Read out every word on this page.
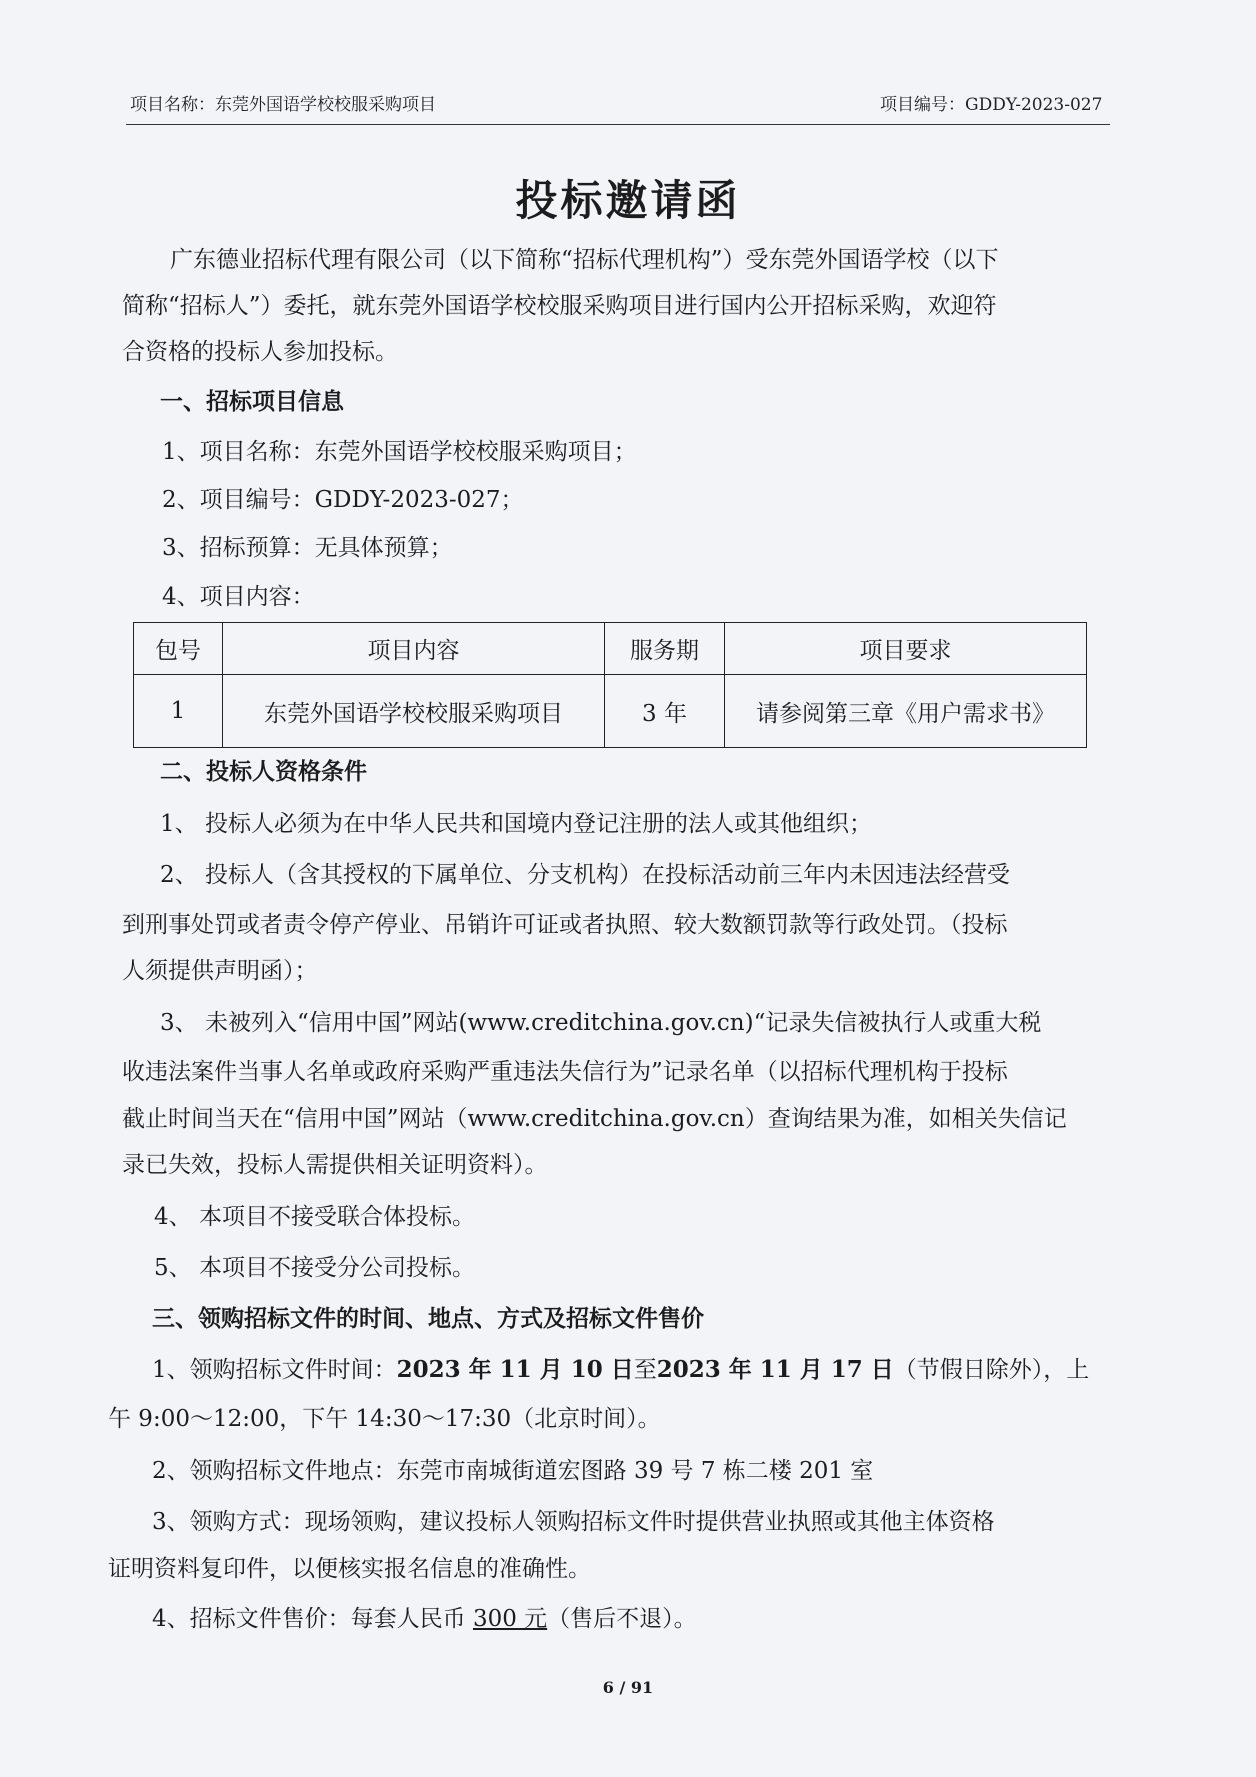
项目名称：东莞外国语学校校服采购项目	项目编号：GDDY-2023-027
投标邀请函
广东德业招标代理有限公司（以下简称“招标代理机构”）受东莞外国语学校（以下
简称“招标人”）委托，就东莞外国语学校校服采购项目进行国内公开招标采购，欢迎符
合资格的投标人参加投标。
一、招标项目信息
1、项目名称：东莞外国语学校校服采购项目；
2、项目编号：GDDY-2023-027；
3、招标预算：无具体预算；
4、项目内容：
包号	项目内容	服务期	项目要求
1	东莞外国语学校校服采购项目	3 年	请参阅第三章《用户需求书》
二、投标人资格条件
1、 投标人必须为在中华人民共和国境内登记注册的法人或其他组织；
2、 投标人（含其授权的下属单位、分支机构）在投标活动前三年内未因违法经营受
到刑事处罚或者责令停产停业、吊销许可证或者执照、较大数额罚款等行政处罚。（投标
人须提供声明函）；
3、 未被列入“信用中国”网站(www.creditchina.gov.cn)“记录失信被执行人或重大税
收违法案件当事人名单或政府采购严重违法失信行为”记录名单（以招标代理机构于投标
截止时间当天在“信用中国”网站（www.creditchina.gov.cn）查询结果为准，如相关失信记
录已失效，投标人需提供相关证明资料）。
4、 本项目不接受联合体投标。
5、 本项目不接受分公司投标。
三、领购招标文件的时间、地点、方式及招标文件售价
1、领购招标文件时间：2023 年 11 月 10 日至2023 年 11 月 17 日（节假日除外），上
午 9:00～12:00，下午 14:30～17:30（北京时间）。
2、领购招标文件地点：东莞市南城街道宏图路 39 号 7 栋二楼 201 室
3、领购方式：现场领购，建议投标人领购招标文件时提供营业执照或其他主体资格
证明资料复印件，以便核实报名信息的准确性。
4、招标文件售价：每套人民币 300 元（售后不退）。
6 / 91
